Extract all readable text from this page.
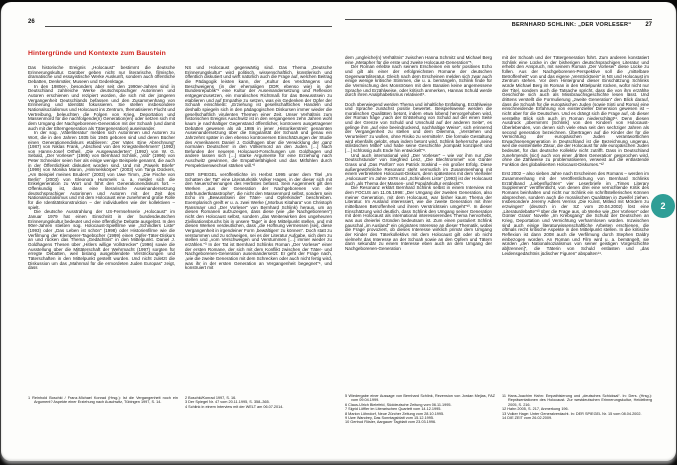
26	BERNHARD SCHLINK: „DER VORLESER“ 27
Hintergründe und Kontexte zum Baustein

Das historische Ereignis „Holocaust“ bestimmt die deutsche Erinnerungskultur. Darüber geben nicht nur literarische, filmische, dramatische und essayistische Werke Auskunft, sondern auch öffentliche Debatten, Denkmäler, Museen und Gedenktage.

In den 1980er-, besonders aber seit den 1990er-Jahren sind in Deutschland zahlreiche Werke deutschsprachiger Autorinnen und Autoren erschienen und rezipiert worden, die sich mit der jüngeren Vergangenheit Deutschlands befassen und den Zusammenhang von Erinnerung und Identität fokussieren. Sie stellen insbesondere Nationalsozialismus und Holocaust ins Zentrum, thematisieren Flucht und Vertreibung, beleuchten die Folgen von Krieg, Deportation und Massenmord für die nachfolgende(n) Generation(en) oder setzen sich mit dem Umgang der Nachgeborenen-Generation mit der Schoah (und damit auch mit der Elterngeneration als Tätergeneration) auseinander.

In der sog. ‚Väterliteratur‘ melden sich Autorinnen und Autoren zu Wort, die in den Jahren 1935 bis 1945 geboren sind und deren Bücher einen Generationendiskurs etablieren: „Der Vater. Eine Abrechnung“ (1987) von Niklas Frank, „Abschied von den Kriegsteilnehmern“ (1992) von Hanns-Josef Ortheil, „Die Ausgewanderten“ (1992) von W. G. Sebald, „Der Vorleser“ (1995) von Bernhard Schlink, „Vati“ (1996) von Peter Schneider seien hier als einige wenige Beispiele genannt, die auch in der Öffentlichkeit diskutiert worden sind. Und mit „Pawels Briefe“ (1999) von Monika Maron, „Himmelskörper“ (2003) von Tanja Dückers, „Am Beispiel meines Bruders“ (2003) von Uwe Timm, „Die Fische von Berlin“ (2003) von Eleonora Hummels u. a. meldet sich die Enkelgeneration zu Wort und führt den Generationendiskurs fort. – Offenkundig ist, dass eine literarische Auseinandersetzung deutschsprachiger Autorinnen und Autoren mit der Zeit des Nationalsozialismus und mit dem Holocaust eine zunehmend große Rolle für die Identitätskonstruktion – der individuellen wie der kollektiven – spielt.

Die deutsche Ausstrahlung der US-Fernsehserie „Holocaust“ im Januar 1979 hat einen Einschnitt in der bundesdeutschen Erinnerungskultur bedeutet und eine öffentliche Debatte ausgelöst. In den 90er-Jahren stießen sog. Holocaust-Spielfilme wie „Schindlers Liste“ (1993) oder „Das Leben ist schön“ (1998) oder Historienfilme wie die Verfilmung der Klemperer-Tagebücher (1999) einen Opfer-Täter-Diskurs an und rücken das Thema „Gedächtnis“ in den Mittelpunkt. Daniel J. Goldhagens Thesen über „Hitlers willige Vollstrecker“ (1996) sowie die Ausstellung über die Mittäterschaft der Wehrmacht (1997) sorgten für erregte Debatten, weil bislang ausgeblendete Verstrickungen und Täterschaften in den Mittelpunkt gestellt wurden. Und nicht zuletzt die Diskussion um das „Mahnmal für die ermordeten Juden Europas“ zeigt, dass

NS und Holocaust gegenwärtig sind. Das Thema „Deutsche Erinnerungskultur“ wird politisch, wissenschaftlich, künstlerisch und öffentlich diskutiert und wirft natürlich auch die Frage auf, welchen Beitrag die Pädagogik leisten kann, der „Kultur des Verdrängens und Beschweigens (in der ehemaligen DDR ebenso wie) in der Bundesrepublik“¹ eine Kultur der Auseinandersetzung und Reflexion entgegenzusetzen, ein moralisches Richtmaß für das Bewusstsein zu etablieren und auf Empathie zu setzen, was ein Gedenken der Opfer der Schoah einschließt: „Erziehung ist gesellschaftliches Handeln und deshalb spiegeln sich in den pädagogischen Diskursen immer wieder die gesellschaftlich virulenten Themen einer Zeit. Unser Verhältnis zum historischen Ereignis Auschwitz ist in den vergangenen zehn Jahren wohl kaum je nachhaltiger Gegenstand öffentlicher, kontrovers ausgetragener Debatten gewesen als ab 1986 in jener ‚Historikerstreit‘ genannten Auseinandersetzung über die Singularität der Schoah und genau ein Jahrzehnt später in den ebenso kontroversen Einschätzungen der Studie des Amerikaners Daniel J. Goldhagen über die Verwicklung der ‚ganz normalen Deutschen‘ in den Völkermord an den Juden. […] Nach Befunden der neueren Holocaust-Forschungen um Goldhagen und andere lassen sich […] starke Argumente für eine Erziehung nach Auschwitz gewinnen, die Empathiefähigkeit und das Mitfühlen durch Perspektivenwechsel stärken will.“²

DER SPIEGEL veröffentlichte im Herbst 1995 unter dem Titel „Im Schatten der Tat“ eine Literaturkritik Volker Hages, in der dieser sich mit den Neuerscheinungen des Herbstes befasst. Sein Augenmerk gilt den Werken „aus der Generation der Nachgeborenen von der Jahrhundertkatastrophe“, die nicht den Massenmord selbst, sondern sein Echo im „Bewusstsein der Täter- und Opferkinder“ beschreiben. Exemplarisch greift er u. a. zwei Werke („Morbus Kitahara“ von Christoph Ransmayr und „Der Vorleser“ von Bernhard Schlink) heraus, um an diesen Romanen aufzuzeigen, dass diese (wie „die Nachgeborenen“) nicht den Holocaust selbst, sondern „das Weiterwirken des ungeheuren Zivilisationsbruchs bis in unsere Tage“ in den Mittelpunkt stellen, und mit diesen Werken verdeutlichen, dass „die Hoffnung vermessen [sei], diese Vergangenheit in irgendeiner Form ‚bewältigen‘ zu können“. Doch statt zu verstummen und zu schweigen, sei es der Literatur Aufgabe, sich dem zu stellen und „vom Verschweigen und Verstummen […] immer wieder zu erzählen.“³ In der Tat ist Bernhard Schlinks Roman „Der Vorleser“ einer der ersten Romane, der sich mit dem Konflikt zwischen der Täter- und Nachgeborenen-Generation auseinandersetzt: Er geht der Frage nach, „wie die zweite Generation mit dem Schrecken oder auch nicht fertig wird, was ihr in der ersten Generation an Vergangenheit begegnet“⁴, und konstruiert mit

1 Reinhold Boschki / Franz-Michael Konrad (Hrsg.): Ist die Vergangenheit noch ein Argument? Aspekte einer Erziehung nach Auschwitz, Tübingen 1997, S. 14.

2 Boschki/Konrad 1997, S. 16.

3 Der Spiegel Nr. 47 vom 20.11.1995, S. 358–365.

4 Schlink in einem Interview mit der WELT am 06.07.2014.

dem „ungleiche(n) Verhältnis“ zwischen Hanna Schmitz und Michael Berg eine „Metapher für die erste und zweite Holocaust-Generation“⁵.

Der Roman erlebte nach seinem Erscheinen ein sehr positives Echo und gilt als einer der erfolgreichsten Romane der deutschen Gegenwartsliteratur. Gleich nach dem Erscheinen melden sich zwar auch einige wenige kritische Stimmen, die u. a. bemängeln, Schlink finde für die Vermischung des Monströsen mit dem Banalen keine angemessene Sprache und Erzählweise, oder kritisch anmerken, Hannas Schuld werde durch ihren Analphabetismus relativiert⁶.

Doch überwiegend werden Thema und inhaltliche Entfaltung, Erzählweise und Sprache zunächst positiv bewertet. Beispielsweise werden die moralischen Qualitäten betont, indem etwa lobend hervorgehoben wird, der Roman frage „nach der Entstehung von Schuld auf der einen Seite und der Grenze von Schuld und Unschuld auf der anderen Seite“, es gelinge ihm „auf eine beeindruckend, nachhaltige Weise“, sich erinnernd der Vergangenheit zu stellen und dem Dilemma, „Verstehen und Verurteilen“ zu wollen, ohne Risiko zu vermitteln⁷. Die formale Gestaltung wird ebenfalls gelobt, etwa indem betont wird, Schlink beherrsche „seine stilistischen Mittel“ und habe seine Geschichte „kompakt konzipiert und […] schlüssig aufs Ende hin entwickelt“⁸.

Und auch international wird „Der Vorleser“ – wie vor ihm nur „Die Deutschstunde“ von Siegfried Lenz, „Die Blechtrommel“ von Günter Grass und „Das Parfüm“ von Patrick Süskind – ein großer Erfolg. Diese außergewöhnliche Resonanz steht vermutlich im Zusammenhang mit einem verbreiteten Holocaust-Diskurs, denn spätestens mit dem Vierteiler „Holocaust“ im Jahre 1978 und „Schindlers Liste“ (1993) ist der Holocaust auch „als Thema der Massen- und Populärkultur entdeckt“⁹.

Die Resonanz erklärt Bernhard Schlink selbst in einem Interview mit dem FOCUS am 11.05.1998: „Der Umgang der zweiten Generation, also meiner Generation, mit dem Holocaust, war bisher kaum Thema der Literatur. Im Ausland interessiert, wie die zweite Generation mit ihrer mittelbaren Betroffenheit und ihrem Verstricktsein umgeht“¹⁰. In dieser Einschätzung wird deutlich, dass Schlink den Umgang seiner Generation mit dem Holocaust als international interessierendes Thema hervorhebt, was aus dreierlei Gründen bedeutsam ist. Zum einen postuliert Schlink pauschal „im Ausland“ ein originäres Interesse an dieser Thematik, wobei die Frage provoziert, ob dieses Interesse wirklich primär dem Umgang der Kinder des Täterkollektivs mit dem Holocaust gilt oder ob nicht vielmehr das Interesse an der Schoah sowie an den Opfern und Tätern dann sekundär zu einem Interesse eben auch an dem Umgang der Nachgeborenen-Generation

mit der Schoah und der Tätergeneration führt. Zum anderen konstatiert Schlink eine Lücke in der bisherigen deutschsprachigen Literatur und erhebt den Anspruch, mit seinem Roman „Der Vorleser“ diese Lücke zu füllen. Aus der Nachgeborenen-Perspektive soll die „mittelbare Betroffenheit“ von und das eigene „Verstricktsein“ in NS und Holocaust im Zentrum stehen. Vor dem Hintergrund dieser Einschätzung Schlinks würde Michael Berg im Roman in den Mittelpunkt rücken, wofür nicht nur der Titel, sondern auch die Tatsache spricht, dass die von ihm erzählte Geschichte sich auch als Missbrauchsgeschichte lesen lässt. Und drittens verstellt die Formulierung „zweite Generation“ den Blick darauf, dass die Schoah für die europäischen Juden (sowie Sinti und Roma) eine einschneidende Erfahrung von existenzieller Dimension gewesen ist – nicht aber für die Deutschen. Und es drängt sich die Frage auf, ob dieser verstellte Blick sich auch im Roman niederschlägt¹¹. Denn diesen Ausdruck „übernimmt [Schlink] von den Kindern von Holocaust-Überlebenden, von denen sich viele etwa seit den sechziger Jahren als second generation bezeichnen. Übertragen auf die Kinder der für die Vernichtung der europäischen Juden verantwortlichen Erwachsenengeneration in Deutschland ist die Bezeichnung ungenau, weil die existentielle Zäsur, die der Holocaust für alle europäischen Juden bedeutet, für das deutsche Kollektiv nicht zutrifft. Dass in Deutschland zunehmends (sic!) auch von einer ‚dritten Generation‘ gesprochen wird, ohne die Zählweise zu problematisieren, verweist auf die entlastende Funktion des globalisierten Holocaust-Diskurses.“¹²

Erst 2002 – also sieben Jahre nach Erscheinen des Romans – werden im Zusammenhang mit der Veröffentlichung von Bernhard Schlinks Erzählband „Liebesfluchten“ vier Leserbriefe im „Times Literary Supplement“ veröffentlicht, von denen drei eine vernichtende Kritik des Romans beinhalten und nicht nur Schlink ein schriftstellerisches Können absprechen, sondern auch die moralischen Qualitäten in Zweifel ziehen. Insbesondere Jeremy Adlers Verriss „Die Kunst, Mitleid mit Mördern zu erzwingen“ (deutsch in der SZ vom 20.04.2002) löst eine „Literaturdebatte“¹³ über die Frage aus, ob Werke wie „Der Vorleser“ oder Günter Grass’ Novelle „Im Krebsgang“ die Schuld der Deutschen an Krieg, Deportation und Vernichtung verharmlosen würden. Inzwischen sind auch einige literaturwissenschaftliche Arbeiten erschienen, die oftmals recht kritische Aspekte in den Mittelpunkt stellen. In die kritische Reflexion ist dann 2008 auch die Verfilmung durch Stephen Daldry einbezogen worden. An Roman und Film wird u. a. bemängelt, sie würden „den Nationalsozialismus von seiner geistigen Vorgeschichte ab[trennen]“, die Täterin von Schuld entlasten und „das Leidensgedächtnis jüdischer Figuren“ abspalten¹⁴.

5 Wiedergabe einer Aussage von Bernhard Schlink, Rezension von Jordan Mejias, FAZ vom 09.04.1999.

6 Claus-Ulrich Bielefeld, Süddeutsche Zeitung vom 06.11.1995.

7 Sigrid Löffler im Literarischen Quartett vom 14.12.1995.

8 Marion Löhndorf, Neue Zürcher Zeitung vom 28.10.1995.

9 Uwe Wandrey, Das Sonntagsblatt vom 15.12.1995.

10 Gertrud Rösler, Aargauer Tagblatt vom 23.03.1996.

11 Hans-Joachim Hahn: Empathisierung und „deutsches Schicksal“. In: Ders. (Hrsg.): Repräsentationen des Holocaust. Zur westdeutschen Erinnerungskultur, Heidelberg 2005, S. 216.

12 Hahn 2005, S. 217, Anmerkung 196.

13 Volker Hage: Unter Generalverdacht. In: DER SPIEGEL Nr. 15 vom 08.04.2002.

14 DIE ZEIT vom 26.02.2009.

2
